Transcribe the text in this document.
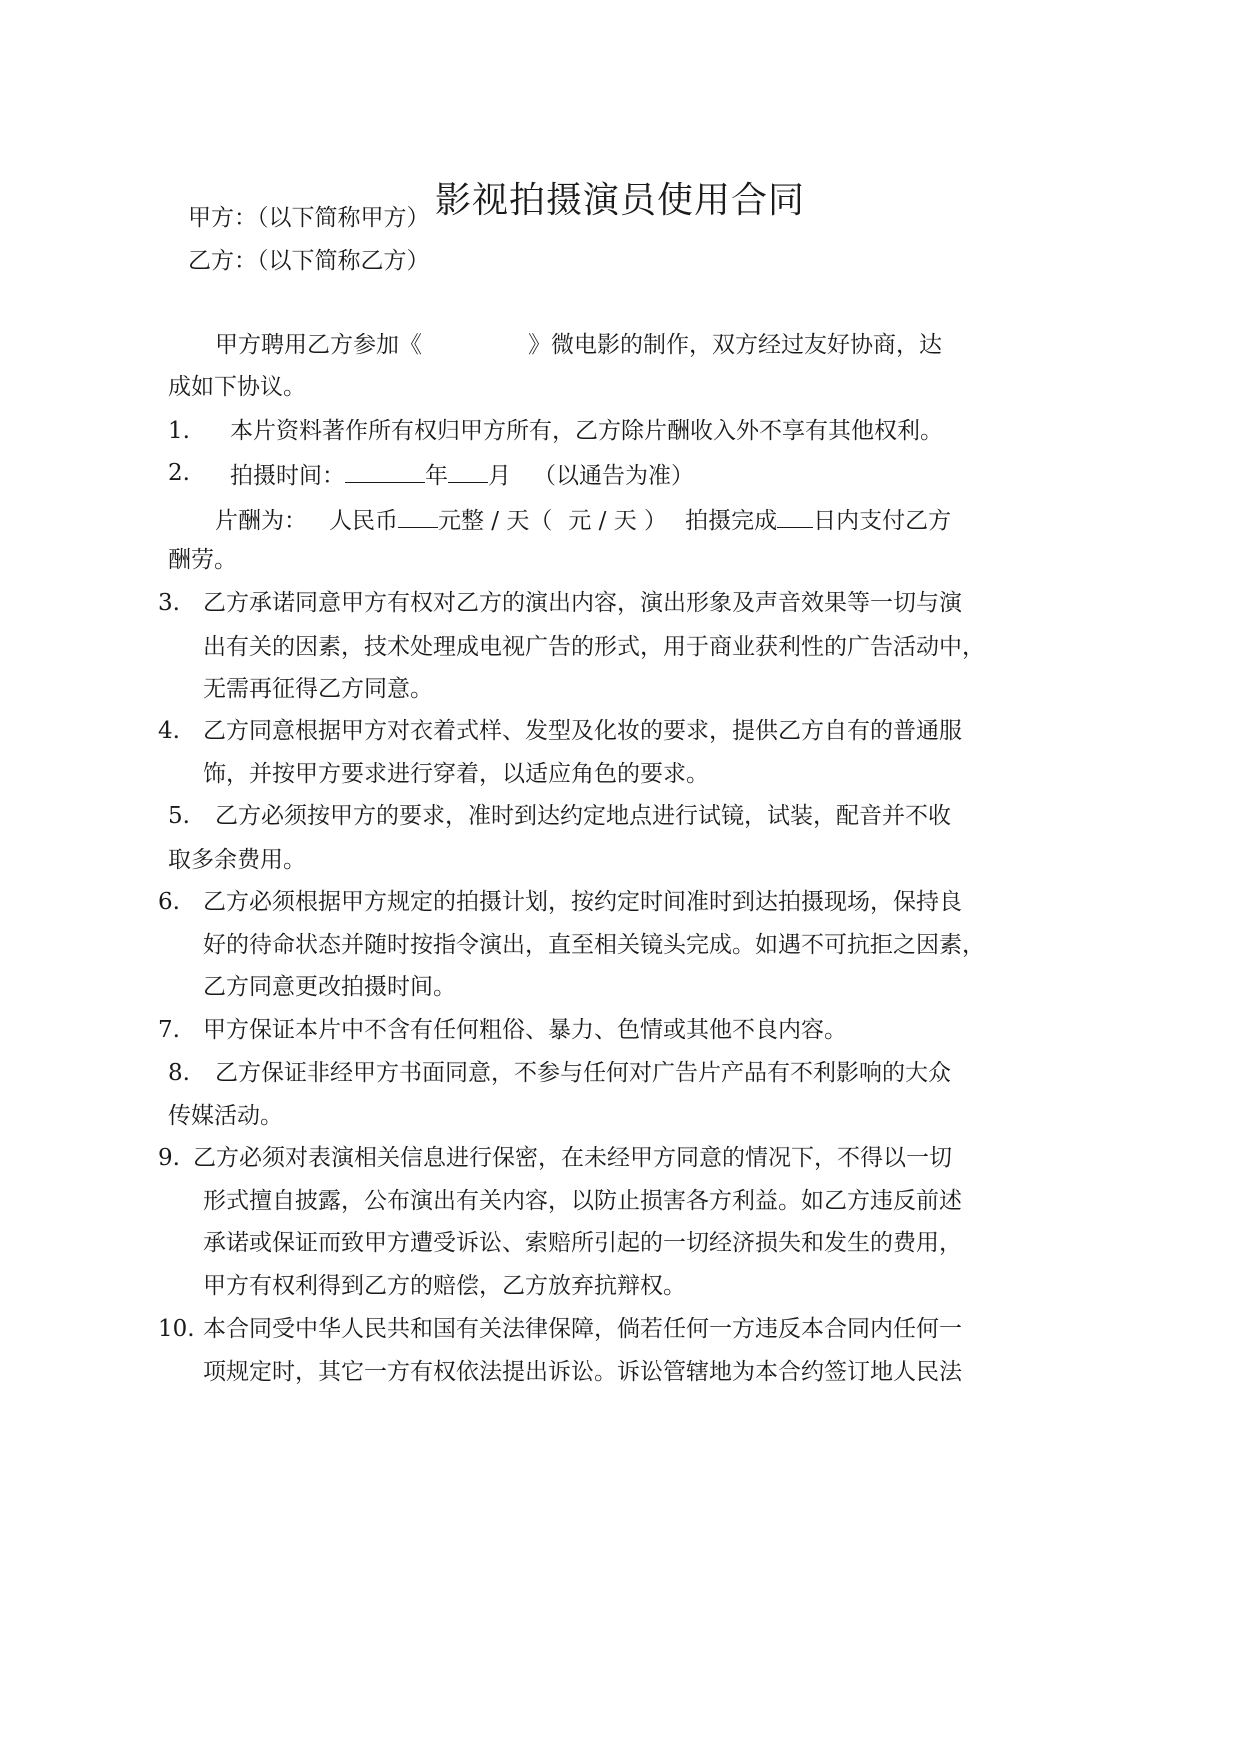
影视拍摄演员使用合同
甲方：（以下简称甲方）
乙方：（以下简称乙方）
甲方聘用乙方参加《	》微电影的制作，双方经过友好协商，达
成如下协议。
1. 本片资料著作所有权归甲方所有，乙方除片酬收入外不享有其他权利。
2. 拍摄时间：	年 月 （以通告为准）
片酬为： 人民币 元整 / 天（ 元 / 天 ） 拍摄完成 日内支付乙方
酬劳。
3. 乙方承诺同意甲方有权对乙方的演出内容，演出形象及声音效果等一切与演
出有关的因素，技术处理成电视广告的形式，用于商业获利性的广告活动中，
无需再征得乙方同意。
4. 乙方同意根据甲方对衣着式样、发型及化妆的要求，提供乙方自有的普通服
饰，并按甲方要求进行穿着，以适应角色的要求。
5. 乙方必须按甲方的要求，准时到达约定地点进行试镜，试装，配音并不收
取多余费用。
6. 乙方必须根据甲方规定的拍摄计划，按约定时间准时到达拍摄现场，保持良
好的待命状态并随时按指令演出，直至相关镜头完成。如遇不可抗拒之因素，
乙方同意更改拍摄时间。
7. 甲方保证本片中不含有任何粗俗、暴力、色情或其他不良内容。
8. 乙方保证非经甲方书面同意，不参与任何对广告片产品有不利影响的大众
传媒活动。
9. 乙方必须对表演相关信息进行保密，在未经甲方同意的情况下，不得以一切
形式擅自披露，公布演出有关内容，以防止损害各方利益。如乙方违反前述
承诺或保证而致甲方遭受诉讼、索赔所引起的一切经济损失和发生的费用，
甲方有权利得到乙方的赔偿，乙方放弃抗辩权。
10. 本合同受中华人民共和国有关法律保障，倘若任何一方违反本合同内任何一
项规定时，其它一方有权依法提出诉讼。诉讼管辖地为本合约签订地人民法
